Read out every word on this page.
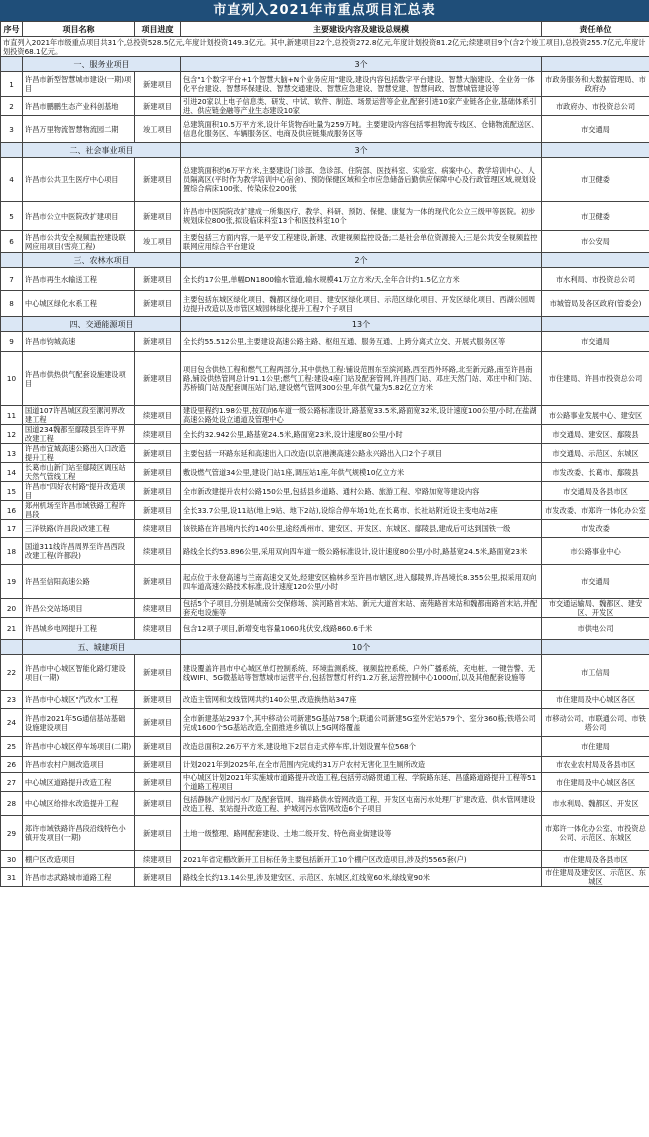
市直列入2021年市重点项目汇总表
序号	项目名称	项目进度	主要建设内容及建设总规模	责任单位
市直列入2021年市级重点项目共31个,总投资528.5亿元,年度计划投资149.3亿元。其中,新建项目22个,总投资272.8亿元,年度计划投资81.2亿元;续建项目9个(含2个竣工项目),总投资255.7亿元,年度计划投资68.1亿元。				
	一、服务业项目		3个	
1	许昌市新型智慧城市建设(一期)项目	新建项目	包含"1个数字平台+1个智慧大脑+N个业务应用"建设,建设内容包括数字平台建设、智慧大脑建设、全业务一体化平台建设、智慧环保建设、智慧交通建设、智慧应急建设、智慧党建、智慧问政、智慧城管建设等	市政务服务和大数据管理局、市政府办
2	许昌市鹏鹏生态产业科创基地	新建项目	引进20家以上电子信息类、研发、中试、软件、制造、场景运营等企业,配套引进10家产业链各企业,基础体系引进、供应链金融等产业生态建设10家	市政府办、市投资总公司
3	许昌万里物流智慧物流园二期	竣工项目	总建筑面积10.5万平方米,设计年货物吞吐量为259万吨。主要建设内容包括零担物流专线区、仓储物流配送区、信息化服务区、车辆服务区、电商及供应链集成服务区等	市交通局
	二、社会事业项目		3个	
4	许昌市公共卫生医疗中心项目	新建项目	总建筑面积约6万平方米,主要建设门诊部、急诊部、住院部、医技科室、实验室、病案中心、教学培训中心、人员隔离区(平时作为教学培训中心宿舍)、预防保健区域和全市应急储备后勤供应保障中心及行政管理区域,规划设置综合病床100张、传染床位200张	市卫健委
5	许昌市公立中医院改扩建项目	新建项目	许昌市中医院院改扩建成一所集医疗、教学、科研、预防、保健、康复为一体的现代化公立三级甲等医院。初步规划床位800张,拟设临床科室13个和医技科室10个	市卫健委
6	许昌市公共安全视频监控建设联网应用项目(雪亮工程)	竣工项目	主要包括三方面内容,一是平安工程建设,新建、改建视频监控设备;二是社会单位资源接入;三是公共安全视频监控联网应用综合平台建设	市公安局
	三、农林水项目		2个	
7	许昌市再生水输送工程	新建项目	全长约17公里,单幅DN1800输水管道,输水规模41万立方米/天,全年合计约1.5亿立方米	市水利局、市投资总公司
8	中心城区绿化水系工程	新建项目	主要包括东城区绿化项目、魏都区绿化项目、建安区绿化项目、示范区绿化项目、开发区绿化项目、西湖公园周边提升改造以及市管区城园林绿化提升工程7个子项目	市城管局及各区政府(管委会)
	四、交通能源项目		13个	
9	许昌市钧城高速	新建项目	全长约55.512公里,主要建设高速公路主路、枢纽互通、服务互通、上跨分离式立交、开展式服务区等	市交通局
10	许昌市供热供气配套设施建设项目	新建项目	项目包含供热工程和燃气工程两部分,其中供热工程:铺设范围东至滨河路,西至西外环路,北至新元路,南至许昌南路,铺设供热管网总计91.1公里;燃气工程:建设4座门站及配套管网,许昌西门站、邓庄天然门站、邓庄中和门站、苏桥镇门站及配套调压站门站,建设燃气管网300公里,年供气量为5.82亿立方米	市住建局、许昌市投资总公司
11	国道107许昌城区段至漯河界改建工程	续建项目	建设里程约1.98公里,按双向6车道一级公路标准设计,路基宽33.5米,路面宽32米,设计速度100公里/小时,在盐湖高速公路处设立通道及管理中心	市公路事业发展中心、建安区
12	国道234魏都至鄢陵县至许平界改建工程	续建项目	全长约32.942公里,路基宽24.5米,路面宽23米,设计速度80公里/小时	市交通局、建安区、鄢陵县
13	许昌市宜城高速公路出入口改造提升工程	新建项目	主要包括一环路东延和高速出入口改造(以京港澳高速公路永兴路出入口2个子项目	市交通局、示范区、东城区
14	长葛市山新门站至鄢陵区调压站天然气管线工程	新建项目	敷设燃气管道34公里,建设门站1座,调压站1座,年供气规模10亿立方米	市发改委、长葛市、鄢陵县
15	许昌市"四好农村路"提升改造项目	新建项目	全市新改建提升农村公路150公里,包括县乡道路、通村公路、旅游工程、窄路加宽等建设内容	市交通局及各县市区
16	郑州机场至许昌市域铁路工程许昌段	新建项目	全长33.7公里,设11站(地上9站、地下2站),设综合停车场1处,在长葛市、长社站附近设主变电站2座	市发改委、市郑许一体化办公室
17	三洋铁路(许昌段)改建工程	续建项目	该铁路在许昌境内长约140公里,途经禹州市、建安区、开发区、东城区、鄢陵县,建成后可达到国铁一级	市发改委
18	国道311线许昌周界至许昌西段改建工程(许都段)	续建项目	路线全长约53.896公里,采用双向四车道一级公路标准设计,设计速度80公里/小时,路基宽24.5米,路面宽23米	市公路事业中心
19	许昌至信阳高速公路	新建项目	起点位于永登高速与兰南高速交叉处,经建安区榆林乡至许昌市辖区,进入鄢陵界,许昌境长8.355公里,拟采用双向四车道高速公路技术标准,设计速度120公里/小时	市交通局
20	许昌公交站场项目	续建项目	包括5个子项目,分别是城南公交保修场、滨河路首末站、新元大道首末站、南苑路首末站和魏都南路首末站,并配套充电设施等	市交通运输局、魏都区、建安区、开发区
21	许昌城乡电网提升工程	续建项目	包含12项子项目,新增变电容量1060兆伏安,线路860.6千米	市供电公司
	五、城建项目		10个	
22	许昌市中心城区智能化路灯建设项目(一期)	新建项目	建设覆盖许昌市中心城区单灯控制系统、环境监测系统、视频监控系统、户外广播系统、充电桩、一键告警、无线WIFI、5G微基站等智慧城市运营平台,包括智慧灯杆约1.2万套,运营控制中心1000㎡,以及其他配套设施等	市工信局
23	许昌市中心城区"汽改水"工程	新建项目	改造主管网和支线管网共约140公里,改造换热站347座	市住建局及中心城区各区
24	许昌市2021年5G通信基站基础设施建设项目	新建项目	全市新建基站2937个,其中移动公司新建5G基站758个;联通公司新建5G室外宏站579个、室分360栋;铁塔公司完成1600个5G基站改造,全面推进乡镇以上5G网络覆盖	市移动公司、市联通公司、市铁塔公司
25	许昌市中心城区停车场项目(二期)	新建项目	改造总面积2.26万平方米,建设地下2层自走式停车库,计划设置车位568个	市住建局
26	许昌市农村户厕改造项目	新建项目	计划2021年到2025年,在全市范围内完成约31万户农村无害化卫生厕所改造	市农业农村局及各县市区
27	中心城区道路提升改造工程	新建项目	中心城区计划2021年实施城市道路提升改造工程,包括劳动路贯通工程、学院路东延、昌盛路道路提升工程等51个道路工程项目	市住建局及中心城区各区
28	中心城区给排水改造提升工程	新建项目	包括静脉产业园污水厂及配套管网、瑞祥路供水管网改造工程、开发区屯南污水处理厂扩建改造、供水管网建设改造工程、泵站提升改造工程、护城河污水管网改造6个子项目	市水利局、魏都区、开发区
29	郑许市域铁路许昌段沿线特色小镇开发项目(一期)	新建项目	土地一级整理、路网配套建设、土地二级开发、特色商业街建设等	市郑许一体化办公室、市投资总公司、示范区、东城区
30	棚户区改造项目	续建项目	2021年省定棚改新开工目标任务主要包括新开工10个棚户区改造项目,涉及约5565套(户)	市住建局及各县市区
31	许昌市志武路城市道路工程	新建项目	路线全长约13.14公里,涉及建安区、示范区、东城区,红线宽60米,绿线宽90米	市住建局及建安区、示范区、东城区
